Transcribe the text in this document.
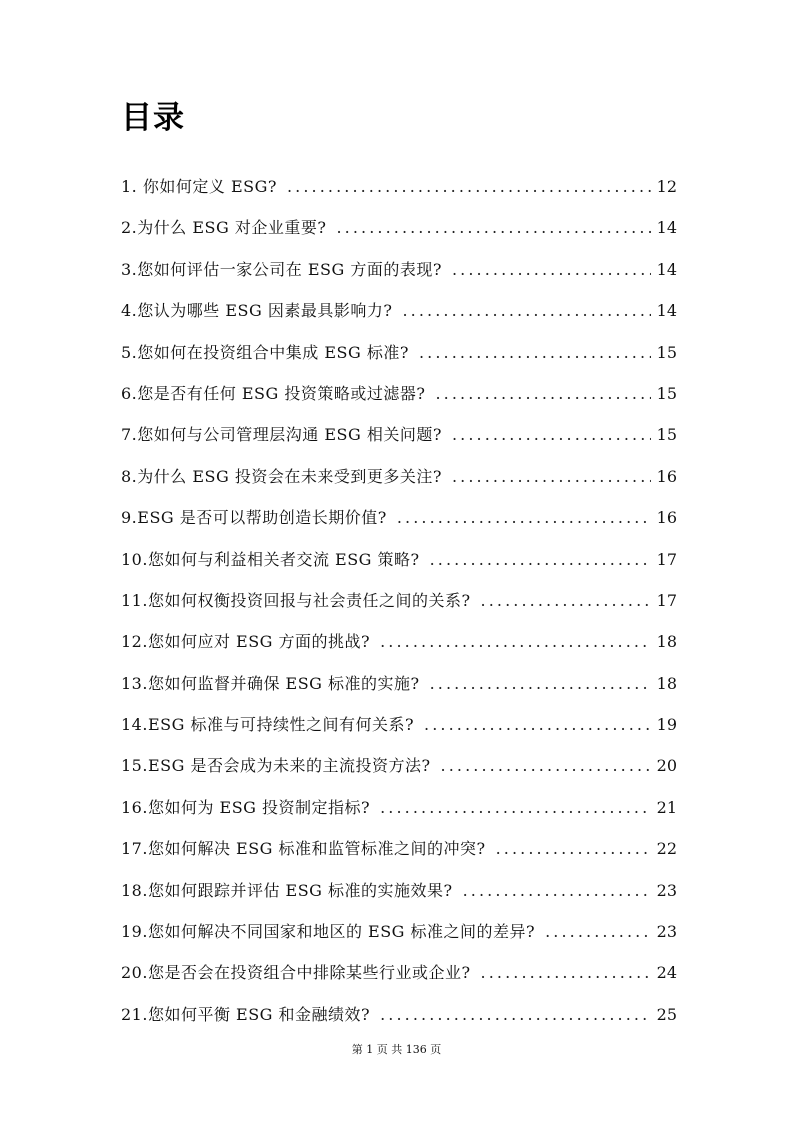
目录
1. 你如何定义 ESG? .....	12
2.为什么 ESG 对企业重要? .....	14
3.您如何评估一家公司在 ESG 方面的表现? .....	14
4.您认为哪些 ESG 因素最具影响力? .....	14
5.您如何在投资组合中集成 ESG 标准? .....	15
6.您是否有任何 ESG 投资策略或过滤器? .....	15
7.您如何与公司管理层沟通 ESG 相关问题? .....	15
8.为什么 ESG 投资会在未来受到更多关注? .....	16
9.ESG 是否可以帮助创造长期价值? .....	16
10.您如何与利益相关者交流 ESG 策略? .....	17
11.您如何权衡投资回报与社会责任之间的关系? .....	17
12.您如何应对 ESG 方面的挑战? .....	18
13.您如何监督并确保 ESG 标准的实施? .....	18
14.ESG 标准与可持续性之间有何关系? .....	19
15.ESG 是否会成为未来的主流投资方法? .....	20
16.您如何为 ESG 投资制定指标? .....	21
17.您如何解决 ESG 标准和监管标准之间的冲突? .....	22
18.您如何跟踪并评估 ESG 标准的实施效果? .....	23
19.您如何解决不同国家和地区的 ESG 标准之间的差异? .....	23
20.您是否会在投资组合中排除某些行业或企业? .....	24
21.您如何平衡 ESG 和金融绩效? .....	25
第 1 页 共 136 页
